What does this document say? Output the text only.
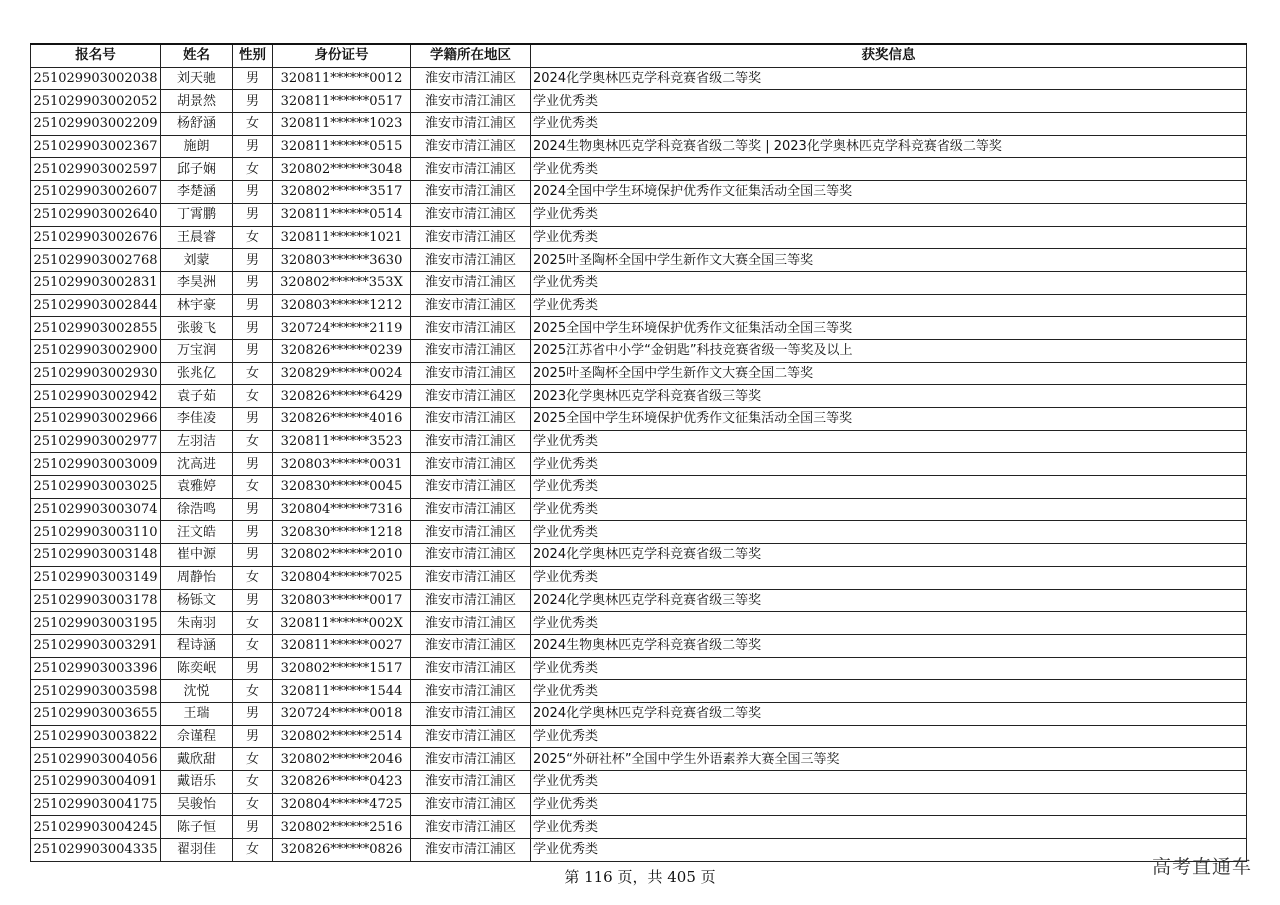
报名号	姓名	性别	身份证号	学籍所在地区	获奖信息
251029903002038	刘天驰	男	320811******0012	淮安市清江浦区	2024化学奥林匹克学科竞赛省级二等奖
251029903002052	胡景然	男	320811******0517	淮安市清江浦区	学业优秀类
251029903002209	杨舒涵	女	320811******1023	淮安市清江浦区	学业优秀类
251029903002367	施朗	男	320811******0515	淮安市清江浦区	2024生物奥林匹克学科竞赛省级二等奖 | 2023化学奥林匹克学科竞赛省级二等奖
251029903002597	邱子娴	女	320802******3048	淮安市清江浦区	学业优秀类
251029903002607	李楚涵	男	320802******3517	淮安市清江浦区	2024全国中学生环境保护优秀作文征集活动全国三等奖
251029903002640	丁霄鹏	男	320811******0514	淮安市清江浦区	学业优秀类
251029903002676	王晨睿	女	320811******1021	淮安市清江浦区	学业优秀类
251029903002768	刘蒙	男	320803******3630	淮安市清江浦区	2025叶圣陶杯全国中学生新作文大赛全国三等奖
251029903002831	李昊洲	男	320802******353X	淮安市清江浦区	学业优秀类
251029903002844	林宇豪	男	320803******1212	淮安市清江浦区	学业优秀类
251029903002855	张骏飞	男	320724******2119	淮安市清江浦区	2025全国中学生环境保护优秀作文征集活动全国三等奖
251029903002900	万宝润	男	320826******0239	淮安市清江浦区	2025江苏省中小学“金钥匙”科技竞赛省级一等奖及以上
251029903002930	张兆亿	女	320829******0024	淮安市清江浦区	2025叶圣陶杯全国中学生新作文大赛全国二等奖
251029903002942	袁子茹	女	320826******6429	淮安市清江浦区	2023化学奥林匹克学科竞赛省级三等奖
251029903002966	李佳凌	男	320826******4016	淮安市清江浦区	2025全国中学生环境保护优秀作文征集活动全国三等奖
251029903002977	左羽洁	女	320811******3523	淮安市清江浦区	学业优秀类
251029903003009	沈高进	男	320803******0031	淮安市清江浦区	学业优秀类
251029903003025	袁雅婷	女	320830******0045	淮安市清江浦区	学业优秀类
251029903003074	徐浩鸣	男	320804******7316	淮安市清江浦区	学业优秀类
251029903003110	汪文皓	男	320830******1218	淮安市清江浦区	学业优秀类
251029903003148	崔中源	男	320802******2010	淮安市清江浦区	2024化学奥林匹克学科竞赛省级二等奖
251029903003149	周静怡	女	320804******7025	淮安市清江浦区	学业优秀类
251029903003178	杨铄文	男	320803******0017	淮安市清江浦区	2024化学奥林匹克学科竞赛省级三等奖
251029903003195	朱南羽	女	320811******002X	淮安市清江浦区	学业优秀类
251029903003291	程诗涵	女	320811******0027	淮安市清江浦区	2024生物奥林匹克学科竞赛省级二等奖
251029903003396	陈奕岷	男	320802******1517	淮安市清江浦区	学业优秀类
251029903003598	沈悦	女	320811******1544	淮安市清江浦区	学业优秀类
251029903003655	王瑞	男	320724******0018	淮安市清江浦区	2024化学奥林匹克学科竞赛省级二等奖
251029903003822	佘谨程	男	320802******2514	淮安市清江浦区	学业优秀类
251029903004056	戴欣甜	女	320802******2046	淮安市清江浦区	2025“外研社杯”全国中学生外语素养大赛全国三等奖
251029903004091	戴语乐	女	320826******0423	淮安市清江浦区	学业优秀类
251029903004175	吴骏怡	女	320804******4725	淮安市清江浦区	学业优秀类
251029903004245	陈子恒	男	320802******2516	淮安市清江浦区	学业优秀类
251029903004335	翟羽佳	女	320826******0826	淮安市清江浦区	学业优秀类
第 116 页，共 405 页	高考直通车
